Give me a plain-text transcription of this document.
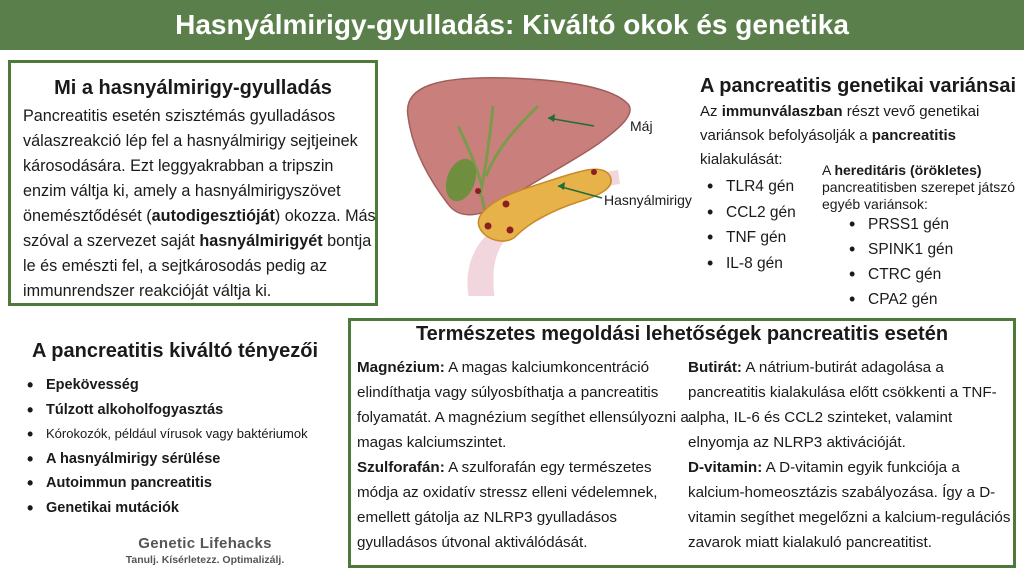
Hasnyálmirigy-gyulladás: Kiváltó okok és genetika
Mi a hasnyálmirigy-gyulladás

Pancreatitis esetén szisztémás gyulladásos válaszreakció lép fel a hasnyálmirigy sejtjeinek károsodására. Ezt leggyakrabban a tripszin enzim váltja ki, amely a hasnyálmirigyszövet önemésztődését (autodigesztióját) okozza. Más szóval a szervezet saját hasnyálmirigyét bontja le és emészti fel, a sejtkárosodás pedig az immunrendszer reakcióját váltja ki.

Máj
Hasnyálmirigy
A pancreatitis genetikai variánsai
Az immunválaszban részt vevő genetikai variánsok befolyásolják a pancreatitis kialakulását:
• TLR4 gén
• CCL2 gén
• TNF gén
• IL-8 gén
A hereditáris (örökletes) pancreatitisben szerepet játszó egyéb variánsok:
• PRSS1 gén
• SPINK1 gén
• CTRC gén
• CPA2 gén
A pancreatitis kiváltó tényezői
• Epekövesség
• Túlzott alkoholfogyasztás
• Kórokozók, például vírusok vagy baktériumok
• A hasnyálmirigy sérülése
• Autoimmun pancreatitis
• Genetikai mutációk
Természetes megoldási lehetőségek pancreatitis esetén

Magnézium: A magas kalciumkoncentráció elindíthatja vagy súlyosbíthatja a pancreatitis folyamatát. A magnézium segíthet ellensúlyozni a magas kalciumszintet.

Szulforafán: A szulforafán egy természetes módja az oxidatív stressz elleni védelemnek, emellett gátolja az NLRP3 gyulladásos gyulladásos útvonal aktiválódását.

Butirát: A nátrium-butirát adagolása a pancreatitis kialakulása előtt csökkenti a TNF-alpha, IL-6 és CCL2 szinteket, valamint elnyomja az NLRP3 aktivációját.

D-vitamin: A D-vitamin egyik funkciója a kalcium-homeosztázis szabályozása. Így a D-vitamin segíthet megelőzni a kalcium-regulációs zavarok miatt kialakuló pancreatitist.

Genetic Lifehacks
Tanulj. Kísérletezz. Optimalizálj.
